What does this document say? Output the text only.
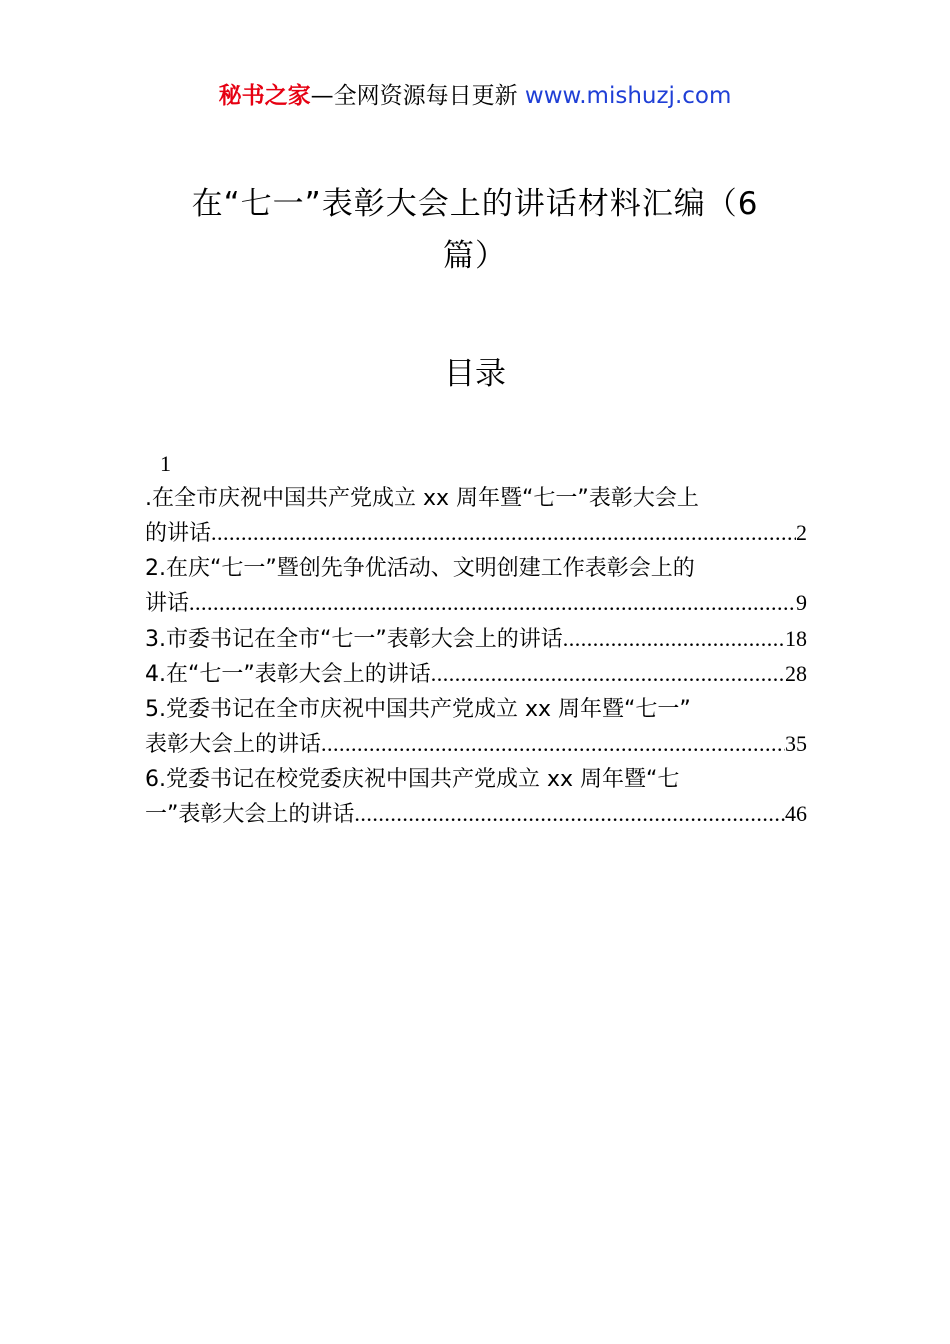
秘书之家—全网资源每日更新 www.mishuzj.com
在“七一”表彰大会上的讲话材料汇编（6
篇）
目录
1
.在全市庆祝中国共产党成立 xx 周年暨“七一”表彰大会上
的讲话 .....	2
2.在庆“七一”暨创先争优活动、文明创建工作表彰会上的
讲话 .....	9
3.市委书记在全市“七一”表彰大会上的讲话 .....	18
4.在“七一”表彰大会上的讲话 .....	28
5.党委书记在全市庆祝中国共产党成立 xx 周年暨“七一”
表彰大会上的讲话 .....	35
6.党委书记在校党委庆祝中国共产党成立 xx 周年暨“七
一”表彰大会上的讲话 .....	46
